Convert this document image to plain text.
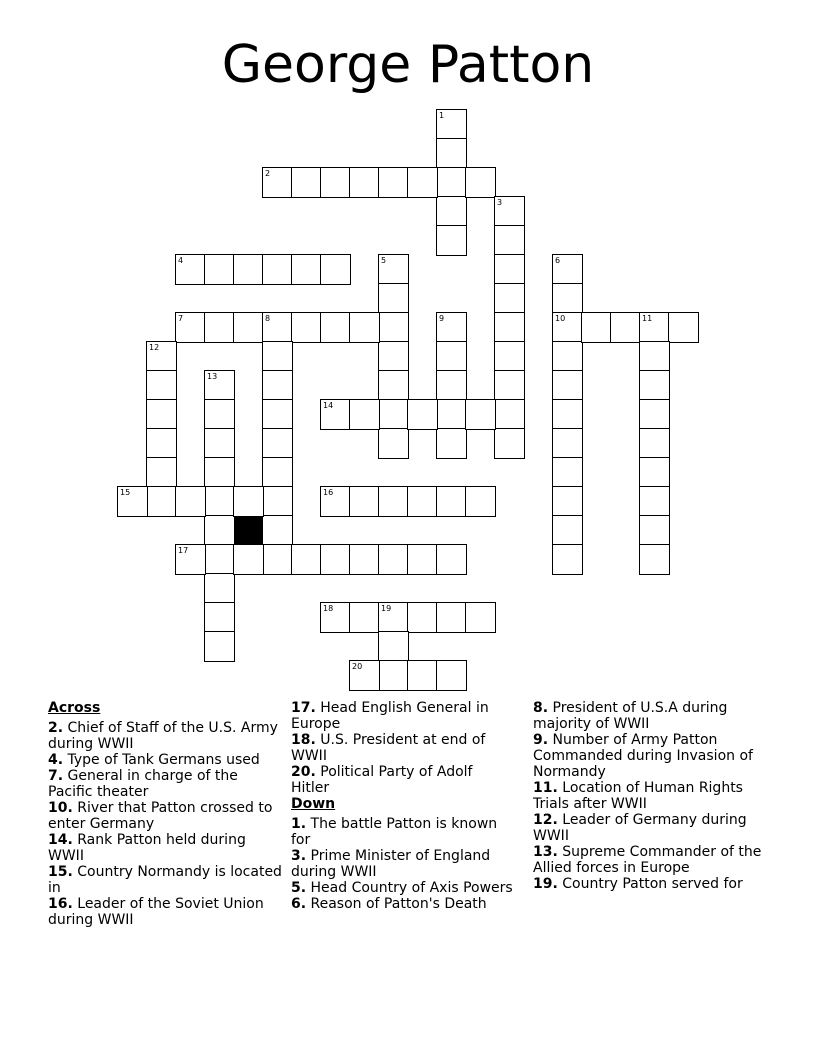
George Patton
1
2
3
4	5	6
10
7	8	9	11
12
13
14
15	16
17
18	19
20
Across
2. Chief of Staff of the U.S. Army during WWII
4. Type of Tank Germans used
7. General in charge of the Pacific theater
10. River that Patton crossed to enter Germany
14. Rank Patton held during WWII
15. Country Normandy is located in
16. Leader of the Soviet Union during WWII
17. Head English General in Europe
18. U.S. President at end of WWII
20. Political Party of Adolf Hitler
Down
1. The battle Patton is known for
3. Prime Minister of England during WWII
5. Head Country of Axis Powers
6. Reason of Patton's Death
8. President of U.S.A during majority of WWII
9. Number of Army Patton Commanded during Invasion of Normandy
11. Location of Human Rights Trials after WWII
12. Leader of Germany during WWII
13. Supreme Commander of the Allied forces in Europe
19. Country Patton served for
